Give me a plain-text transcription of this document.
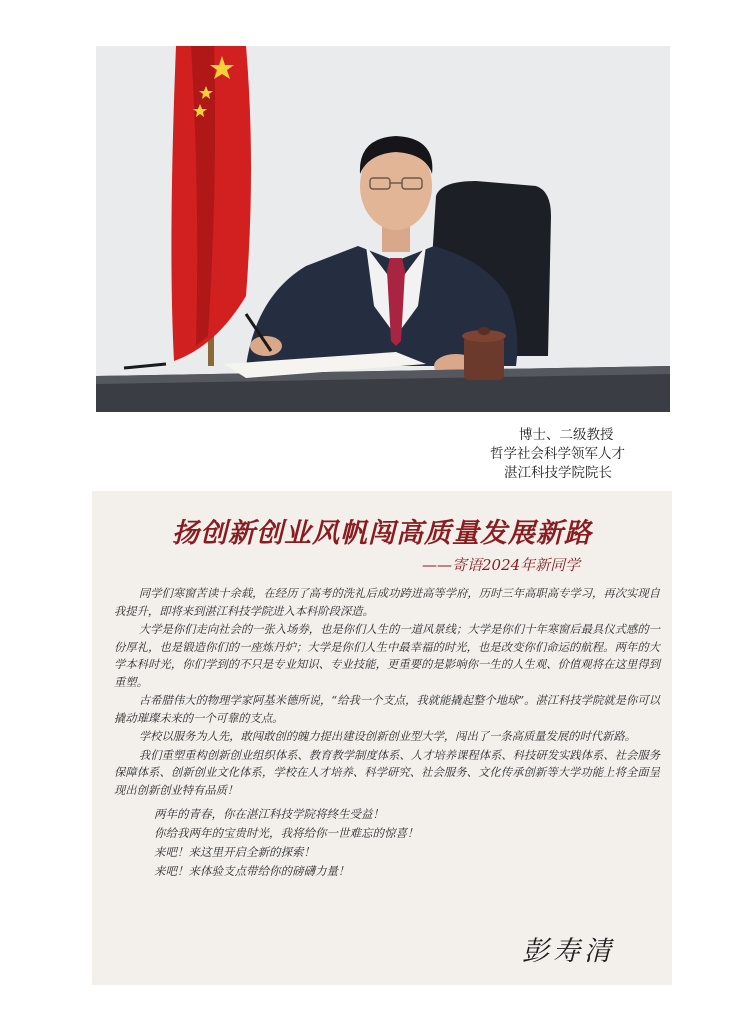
博士、二级教授
哲学社会科学领军人才
湛江科技学院院长
扬创新创业风帆闯高质量发展新路
——寄语2024年新同学

同学们寒窗苦读十余载，在经历了高考的洗礼后成功跨进高等学府，历时三年高职高专学习，再次实现自我提升，即将来到湛江科技学院进入本科阶段深造。

大学是你们走向社会的一张入场券，也是你们人生的一道风景线；大学是你们十年寒窗后最具仪式感的一份厚礼，也是锻造你们的一座炼丹炉；大学是你们人生中最幸福的时光，也是改变你们命运的航程。两年的大学本科时光，你们学到的不只是专业知识、专业技能，更重要的是影响你一生的人生观、价值观将在这里得到重塑。

古希腊伟大的物理学家阿基米德所说，“给我一个支点，我就能撬起整个地球”。湛江科技学院就是你可以撬动璀璨未来的一个可靠的支点。

学校以服务为人先，敢闯敢创的魄力提出建设创新创业型大学，闯出了一条高质量发展的时代新路。

我们重塑重构创新创业组织体系、教育教学制度体系、人才培养课程体系、科技研发实践体系、社会服务保障体系、创新创业文化体系，学校在人才培养、科学研究、社会服务、文化传承创新等大学功能上将全面呈现出创新创业特有品质！

两年的青春，你在湛江科技学院将终生受益！
你给我两年的宝贵时光，我将给你一世难忘的惊喜！
来吧！来这里开启全新的探索！
来吧！来体验支点带给你的磅礴力量！
彭寿清
